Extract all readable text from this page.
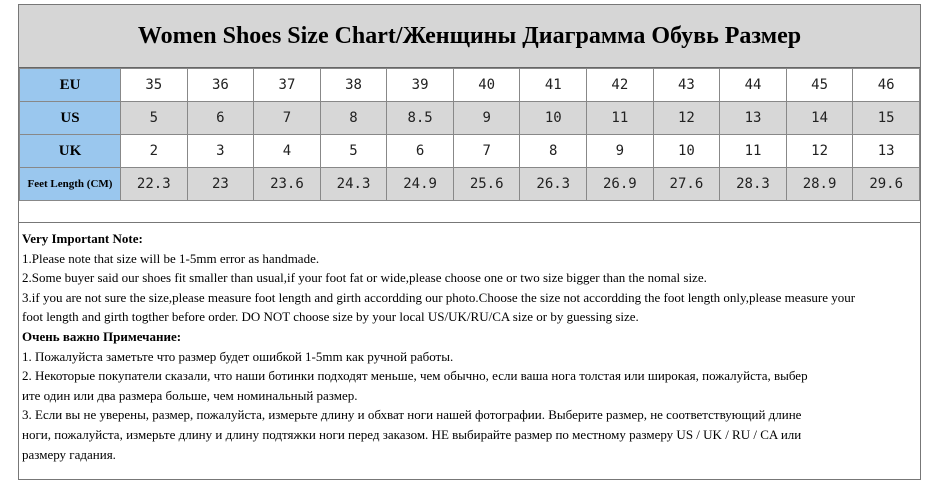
Women Shoes Size Chart/Женщины Диаграмма Обувь Размер
EU	35	36	37	38	39	40	41	42	43	44	45	46
US	5	6	7	8	8.5	9	10	11	12	13	14	15
UK	2	3	4	5	6	7	8	9	10	11	12	13
Feet Length (CM)	22.3	23	23.6	24.3	24.9	25.6	26.3	26.9	27.6	28.3	28.9	29.6
Very Important Note:
1.Please note that size will be 1-5mm error as handmade.
2.Some buyer said our shoes fit smaller than usual,if your foot fat or wide,please choose one or two size bigger than the nomal size.
3.if you are not sure the size,please measure foot length and girth accordding our photo.Choose the size not accordding the foot length only,please measure your
foot length and girth togther before order. DO NOT choose size by your local US/UK/RU/CA size or by guessing size.
Очень важно Примечание:
1. Пожалуйста заметьте что размер будет ошибкой 1-5mm как ручной работы.
2. Некоторые покупатели сказали, что наши ботинки подходят меньше, чем обычно, если ваша нога толстая или широкая, пожалуйста, выбер
ите один или два размера больше, чем номинальный размер.
3. Если вы не уверены, размер, пожалуйста, измерьте длину и обхват ноги нашей фотографии. Выберите размер, не соответствующий длине
ноги, пожалуйста, измерьте длину и длину подтяжки ноги перед заказом. НЕ выбирайте размер по местному размеру US / UK / RU / CA или
размеру гадания.
